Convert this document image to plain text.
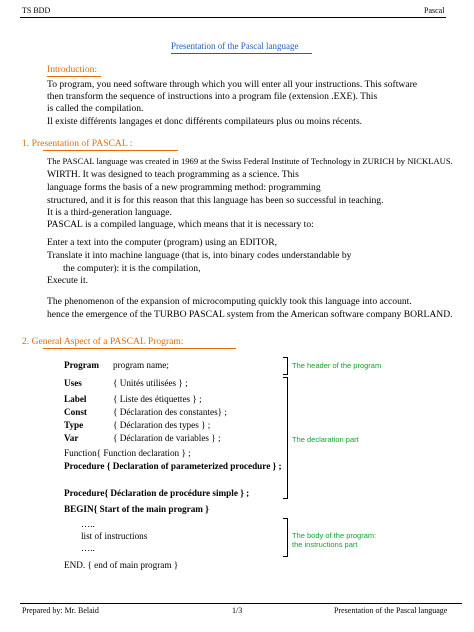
TS BDD	Pascal
Presentation of the Pascal language
Introduction:
To program, you need software through which you will enter all your instructions. This software
then transform the sequence of instructions into a program file (extension .EXE). This
is called the compilation.
Il existe différents langages et donc différents compilateurs plus ou moins récents.
1. Presentation of PASCAL :
The PASCAL language was created in 1969 at the Swiss Federal Institute of Technology in ZURICH by NICKLAUS.
WIRTH. It was designed to teach programming as a science. This
language forms the basis of a new programming method: programming
structured, and it is for this reason that this language has been so successful in teaching.
It is a third-generation language.
PASCAL is a compiled language, which means that it is necessary to:
Enter a text into the computer (program) using an EDITOR,
Translate it into machine language (that is, into binary codes understandable by
the computer): it is the compilation,
Execute it.
The phenomenon of the expansion of microcomputing quickly took this language into account.
hence the emergence of the TURBO PASCAL system from the American software company BORLAND.
2. General Aspect of a PASCAL Program:
Program program name;
Uses	{ Unités utilisées } ;
Label	{ Liste des étiquettes } ;
Const	{ Déclaration des constantes} ;
Type	{ Déclaration des types } ;
Var	{ Déclaration de variables } ;
Function{ Function declaration } ;
Procedure { Declaration of parameterized procedure } ;
Procedure{ Déclaration de procédure simple } ;
BEGIN{ Start of the main program }
…..
list of instructions
…..
END. { end of main program }
The header of the program
The declaration part
The body of the program:
the instructions part
Prepared by: Mr. Belaid	1/3	Presentation of the Pascal language
